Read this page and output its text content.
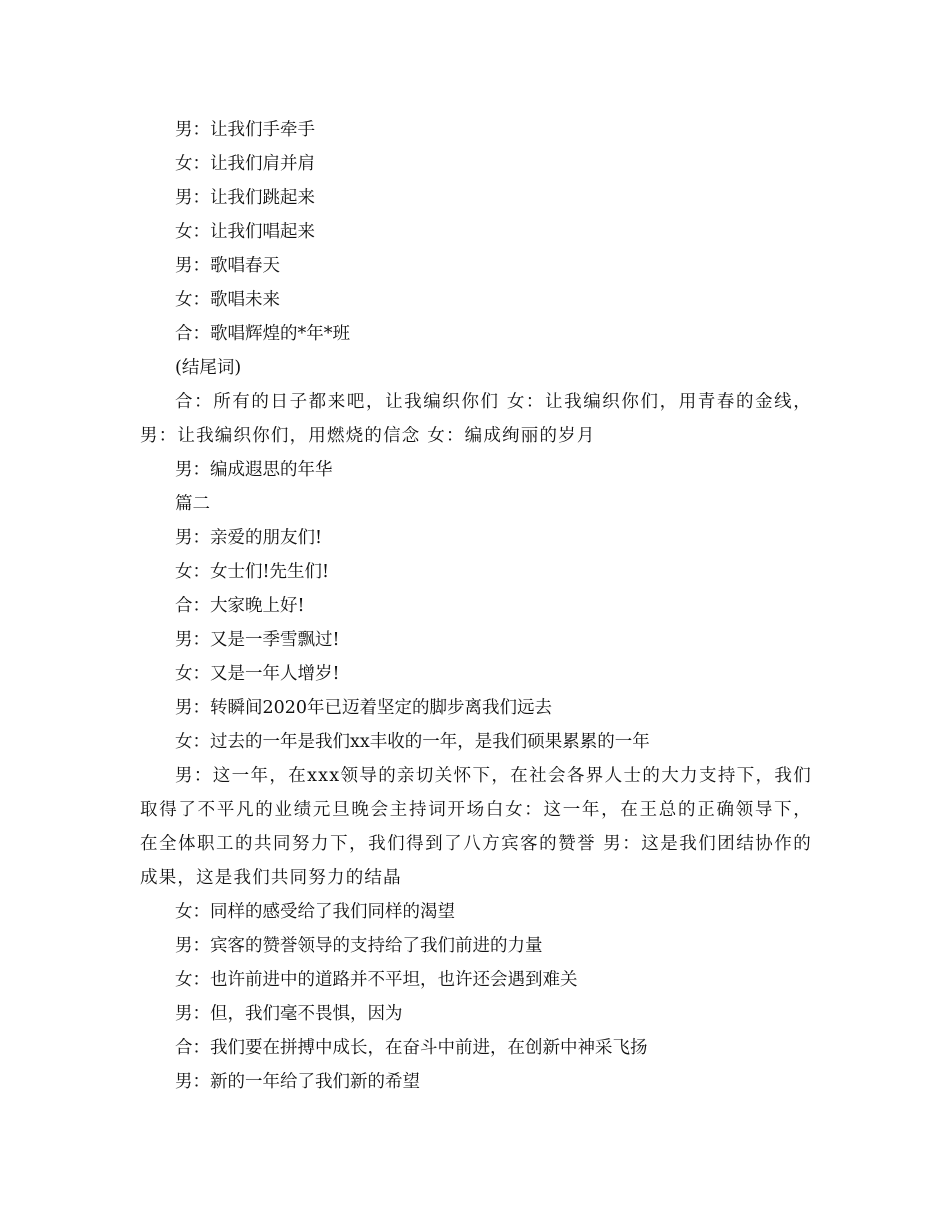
男：让我们手牵手

女：让我们肩并肩

男：让我们跳起来

女：让我们唱起来

男：歌唱春天

女：歌唱未来

合：歌唱辉煌的*年*班

(结尾词)

合：所有的日子都来吧，让我编织你们 女：让我编织你们，用青春的金线， 男：让我编织你们，用燃烧的信念 女：编成绚丽的岁月

男：编成遐思的年华

篇二

男：亲爱的朋友们!

女：女士们!先生们!

合：大家晚上好!

男：又是一季雪飘过!

女：又是一年人增岁!

男：转瞬间2020年已迈着坚定的脚步离我们远去

女：过去的一年是我们xx丰收的一年，是我们硕果累累的一年

男：这一年，在xxx领导的亲切关怀下，在社会各界人士的大力支持下，我们取得了不平凡的业绩元旦晚会主持词开场白女：这一年，在王总的正确领导下，在全体职工的共同努力下，我们得到了八方宾客的赞誉 男：这是我们团结协作的成果，这是我们共同努力的结晶

女：同样的感受给了我们同样的渴望

男：宾客的赞誉领导的支持给了我们前进的力量

女：也许前进中的道路并不平坦，也许还会遇到难关

男：但，我们毫不畏惧，因为

合：我们要在拼搏中成长，在奋斗中前进，在创新中神采飞扬

男：新的一年给了我们新的希望
